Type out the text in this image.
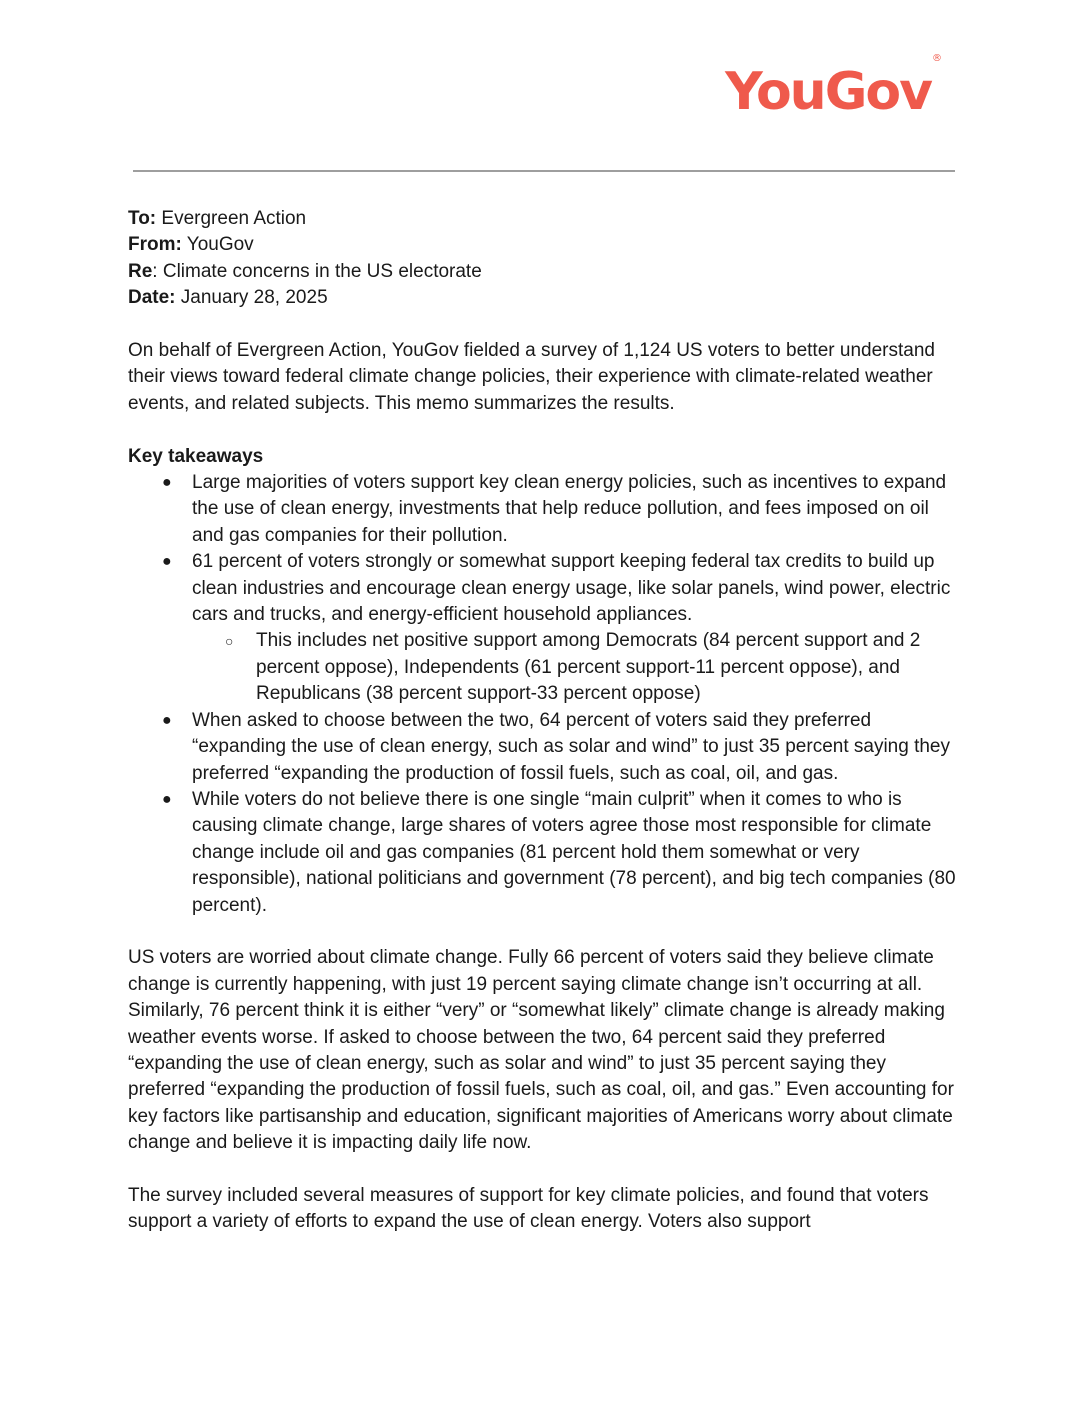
YouGov®

To: Evergreen Action

From: YouGov

Re: Climate concerns in the US electorate

Date: January 28, 2025

On behalf of Evergreen Action, YouGov fielded a survey of 1,124 US voters to better understand their views toward federal climate change policies, their experience with climate-related weather events, and related subjects. This memo summarizes the results.

Key takeaways
● Large majorities of voters support key clean energy policies, such as incentives to expand the use of clean energy, investments that help reduce pollution, and fees imposed on oil and gas companies for their pollution.
● 61 percent of voters strongly or somewhat support keeping federal tax credits to build up clean industries and encourage clean energy usage, like solar panels, wind power, electric cars and trucks, and energy-efficient household appliances.
○ This includes net positive support among Democrats (84 percent support and 2 percent oppose), Independents (61 percent support-11 percent oppose), and Republicans (38 percent support-33 percent oppose)
● When asked to choose between the two, 64 percent of voters said they preferred “expanding the use of clean energy, such as solar and wind” to just 35 percent saying they preferred “expanding the production of fossil fuels, such as coal, oil, and gas.
● While voters do not believe there is one single “main culprit” when it comes to who is causing climate change, large shares of voters agree those most responsible for climate change include oil and gas companies (81 percent hold them somewhat or very responsible), national politicians and government (78 percent), and big tech companies (80 percent).

US voters are worried about climate change. Fully 66 percent of voters said they believe climate change is currently happening, with just 19 percent saying climate change isn’t occurring at all. Similarly, 76 percent think it is either “very” or “somewhat likely” climate change is already making weather events worse. If asked to choose between the two, 64 percent said they preferred “expanding the use of clean energy, such as solar and wind” to just 35 percent saying they preferred “expanding the production of fossil fuels, such as coal, oil, and gas.” Even accounting for key factors like partisanship and education, significant majorities of Americans worry about climate change and believe it is impacting daily life now.

The survey included several measures of support for key climate policies, and found that voters support a variety of efforts to expand the use of clean energy. Voters also support
